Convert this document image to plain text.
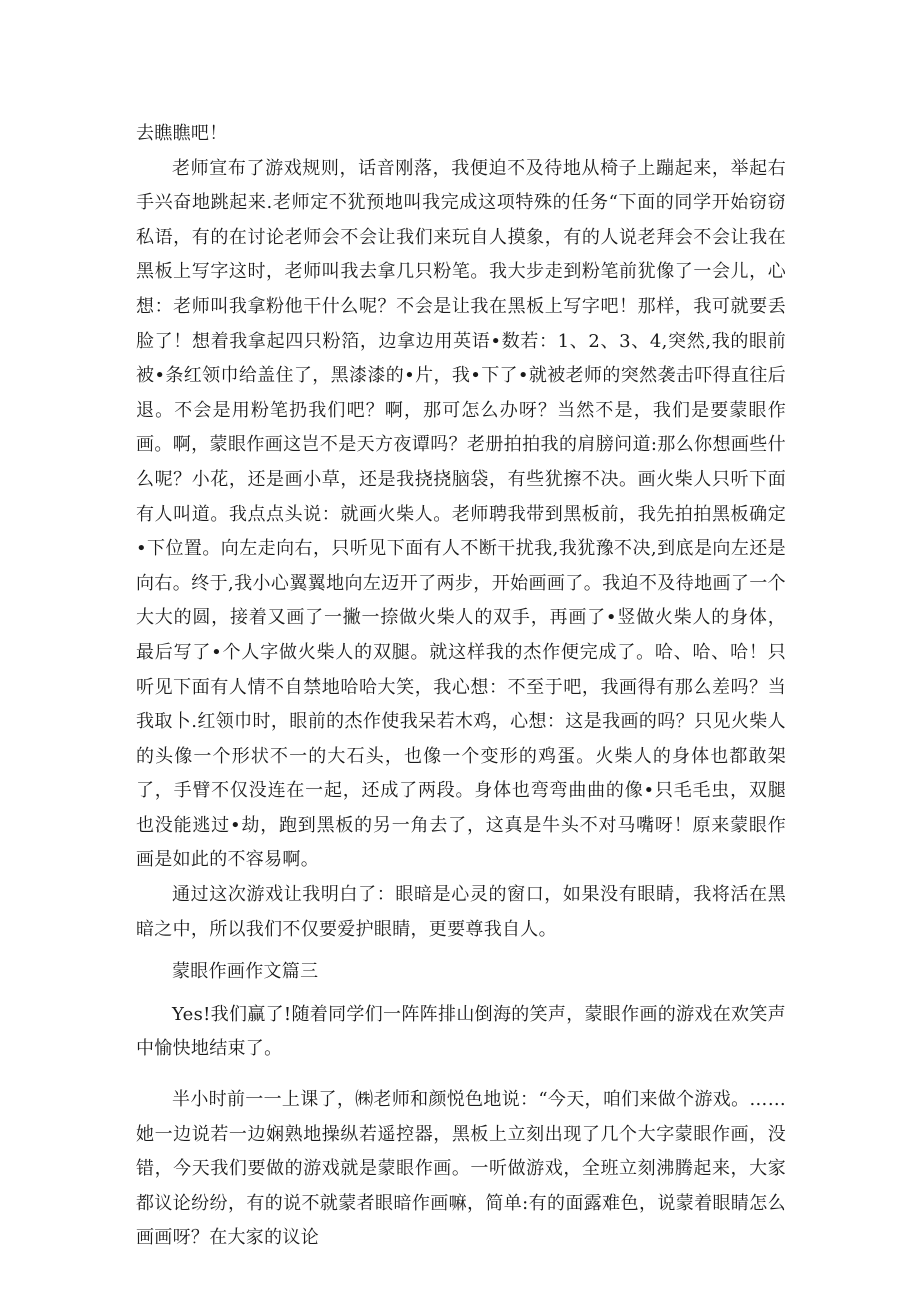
去瞧瞧吧！

老师宣布了游戏规则，话音刚落，我便迫不及待地从椅子上蹦起来，举起右手兴奋地跳起来.老师定不犹预地叫我完成这项特殊的任务“下面的同学开始窃窃私语，有的在讨论老师会不会让我们来玩自人摸象，有的人说老拜会不会让我在黑板上写字这时，老师叫我去拿几只粉笔。我大步走到粉笔前犹像了一会儿，心想：老师叫我拿粉他干什么呢？不会是让我在黑板上写字吧！那样，我可就要丢脸了！想着我拿起四只粉箔，边拿边用英语•数若：1、2、3、4,突然,我的眼前被•条红领巾给盖住了，黑漆漆的•片，我•下了•就被老师的突然袭击吓得直往后退。不会是用粉笔扔我们吧？啊，那可怎么办呀？当然不是，我们是要蒙眼作画。啊，蒙眼作画这岂不是天方夜谭吗？老册拍拍我的肩膀问道:那么你想画些什么呢？小花，还是画小草，还是我挠挠脑袋，有些犹擦不决。画火柴人只听下面有人叫道。我点点头说：就画火柴人。老师聘我带到黑板前，我先拍拍黑板确定•下位置。向左走向右，只听见下面有人不断干扰我,我犹豫不决,到底是向左还是向右。终于,我小心翼翼地向左迈开了两步，开始画画了。我迫不及待地画了一个大大的圆，接着又画了一撇一捺做火柴人的双手，再画了•竖做火柴人的身体，最后写了•个人字做火柴人的双腿。就这样我的杰作便完成了。哈、哈、哈！只听见下面有人情不自禁地哈哈大笑，我心想：不至于吧，我画得有那么差吗？当我取卜.红领巾时，眼前的杰作使我呆若木鸡，心想：这是我画的吗？只见火柴人的头像一个形状不一的大石头，也像一个变形的鸡蛋。火柴人的身体也都敢架了，手臂不仅没连在一起，还成了两段。身体也弯弯曲曲的像•只毛毛虫，双腿也没能逃过•劫，跑到黑板的另一角去了，这真是牛头不对马嘴呀！原来蒙眼作画是如此的不容易啊。

通过这次游戏让我明白了：眼暗是心灵的窗口，如果没有眼睛，我将活在黑暗之中，所以我们不仅要爱护眼睛，更要尊我自人。

蒙眼作画作文篇三

Yes!我们赢了!随着同学们一阵阵排山倒海的笑声，蒙眼作画的游戏在欢笑声中愉快地结束了。

半小时前一一上课了，㈱老师和颜悦色地说：“今天，咱们来做个游戏。……她一边说若一边娴熟地操纵若遥控器，黑板上立刻出现了几个大字蒙眼作画，没错，今天我们要做的游戏就是蒙眼作画。一听做游戏，全班立刻沸腾起来，大家都议论纷纷，有的说不就蒙者眼暗作画嘛，简单:有的面露难色，说蒙着眼睛怎么画画呀？在大家的议论
